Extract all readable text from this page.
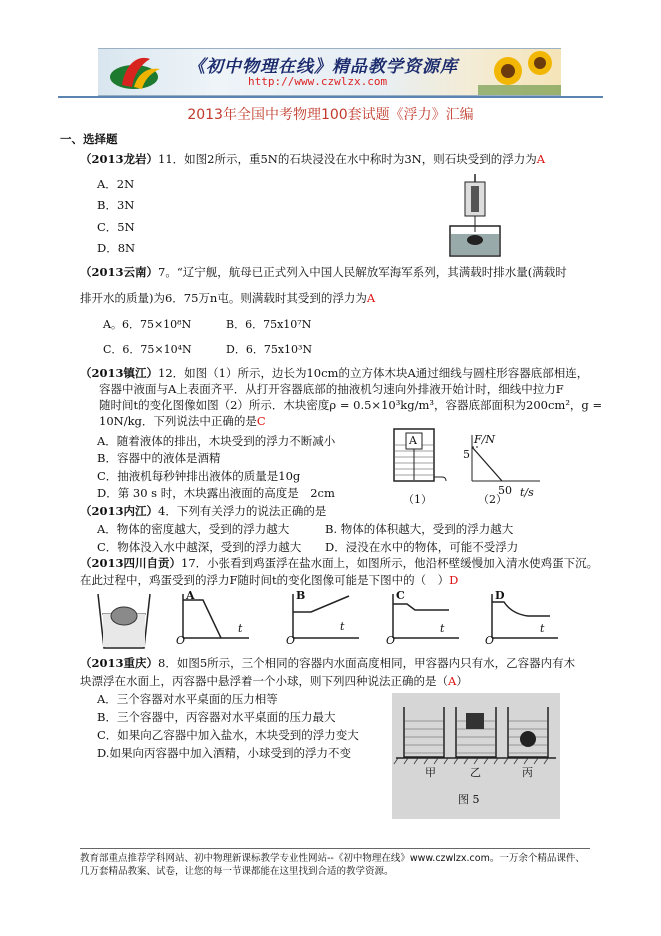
《初中物理在线》精品教学资源库
http://www.czwlzx.com
2013年全国中考物理100套试题《浮力》汇编
一、选择题
（2013龙岩）11．如图2所示，重5N的石块浸没在水中称时为3N，则石块受到的浮力为A
A．2N
B．3N
C．5N
D．8N
（2013云南）7。“辽宁舰，航母已正式列入中国人民解放军海军系列，其满载时排水量(满载时
排开水的质量)为6．75万n屯。则满载时其受到的浮力为A
A。6．75×10⁸N	B．6．75x10⁷N
C．6．75×10⁴N	D．6．75x10³N
（2013镇江）12．如图（1）所示，边长为10cm的立方体木块A通过细线与圆柱形容器底部相连，
容器中液面与A上表面齐平．从打开容器底部的抽液机匀速向外排液开始计时，细线中拉力F
随时间t的变化图像如图（2）所示．木块密度ρ = 0.5×10³kg/m³，容器底部面积为200cm²，g =
10N/kg．下列说法中正确的是C
A．随着液体的排出，木块受到的浮力不断减小
B．容器中的液体是酒精
C．抽液机每秒钟排出液体的质量是10g
D．第 30 s 时，木块露出液面的高度是　2cm
A	F/N
5
50 t/s
（1）	（2）
（2013内江）4．下列有关浮力的说法正确的是
A．物体的密度越大，受到的浮力越大	B. 物体的体积越大，受到的浮力越大
C．物体没入水中越深，受到的浮力越大 D．浸没在水中的物体，可能不受浮力
（2013四川自贡）17．小张看到鸡蛋浮在盐水面上，如图所示，他沿杯壁缓慢加入清水使鸡蛋下沉。
在此过程中，鸡蛋受到的浮力F随时间t的变化图像可能是下图中的（　）D
A	B	C	D
O	O	O	O
t	t	t	t
（2013重庆）8．如图5所示，三个相同的容器内水面高度相同，甲容器内只有水，乙容器内有木
块漂浮在水面上，丙容器中悬浮着一个小球，则下列四种说法正确的是（A）
A．三个容器对水平桌面的压力相等
B．三个容器中，丙容器对水平桌面的压力最大
C．如果向乙容器中加入盐水，木块受到的浮力变大
D.如果向丙容器中加入酒精，小球受到的浮力不变
甲	乙	丙
图 5
教育部重点推荐学科网站、初中物理新课标教学专业性网站--《初中物理在线》www.czwlzx.com。一万余个精品课件、几万套精品教案、试卷，让您的每一节课都能在这里找到合适的教学资源。
